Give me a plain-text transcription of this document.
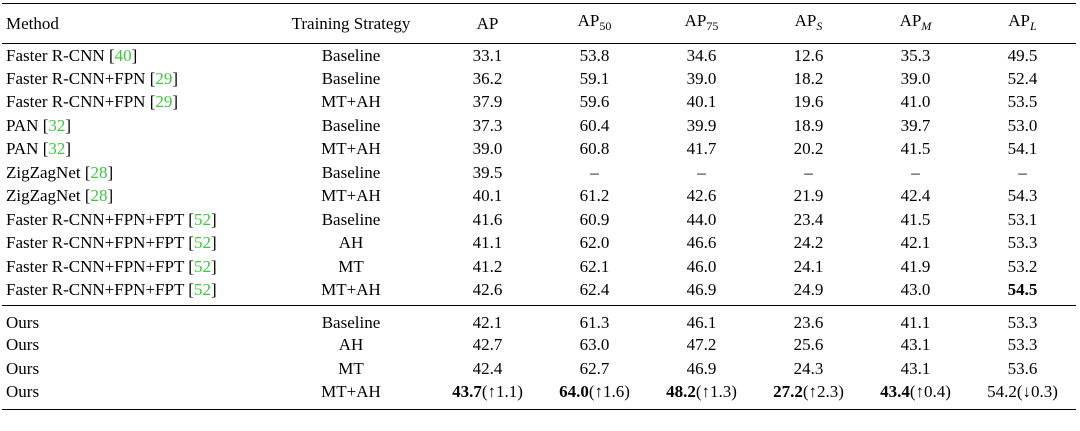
Method	Training Strategy	AP	$AP_{50}$	$AP_{75}$	$AP_S$	$AP_M$	$AP_L$
Faster R-CNN [40]	Baseline	33.1	53.8	34.6	12.6	35.3	49.5
Faster R-CNN+FPN [29]	Baseline	36.2	59.1	39.0	18.2	39.0	52.4
Faster R-CNN+FPN [29]	MT+AH	37.9	59.6	40.1	19.6	41.0	53.5
PAN [32]	Baseline	37.3	60.4	39.9	18.9	39.7	53.0
PAN [32]	MT+AH	39.0	60.8	41.7	20.2	41.5	54.1
ZigZagNet [28]	Baseline	39.5	–	–	–	–	–
ZigZagNet [28]	MT+AH	40.1	61.2	42.6	21.9	42.4	54.3
Faster R-CNN+FPN+FPT [52]	Baseline	41.6	60.9	44.0	23.4	41.5	53.1
Faster R-CNN+FPN+FPT [52]	AH	41.1	62.0	46.6	24.2	42.1	53.3
Faster R-CNN+FPN+FPT [52]	MT	41.2	62.1	46.0	24.1	41.9	53.2
Faster R-CNN+FPN+FPT [52]	MT+AH	42.6	62.4	46.9	24.9	43.0	54.5
Ours	Baseline	42.1	61.3	46.1	23.6	41.1	53.3
Ours	AH	42.7	63.0	47.2	25.6	43.1	53.3
Ours	MT	42.4	62.7	46.9	24.3	43.1	53.6
Ours	MT+AH	43.7(↑1.1)	64.0(↑1.6)	48.2(↑1.3)	27.2(↑2.3)	43.4(↑0.4)	54.2(↓0.3)
